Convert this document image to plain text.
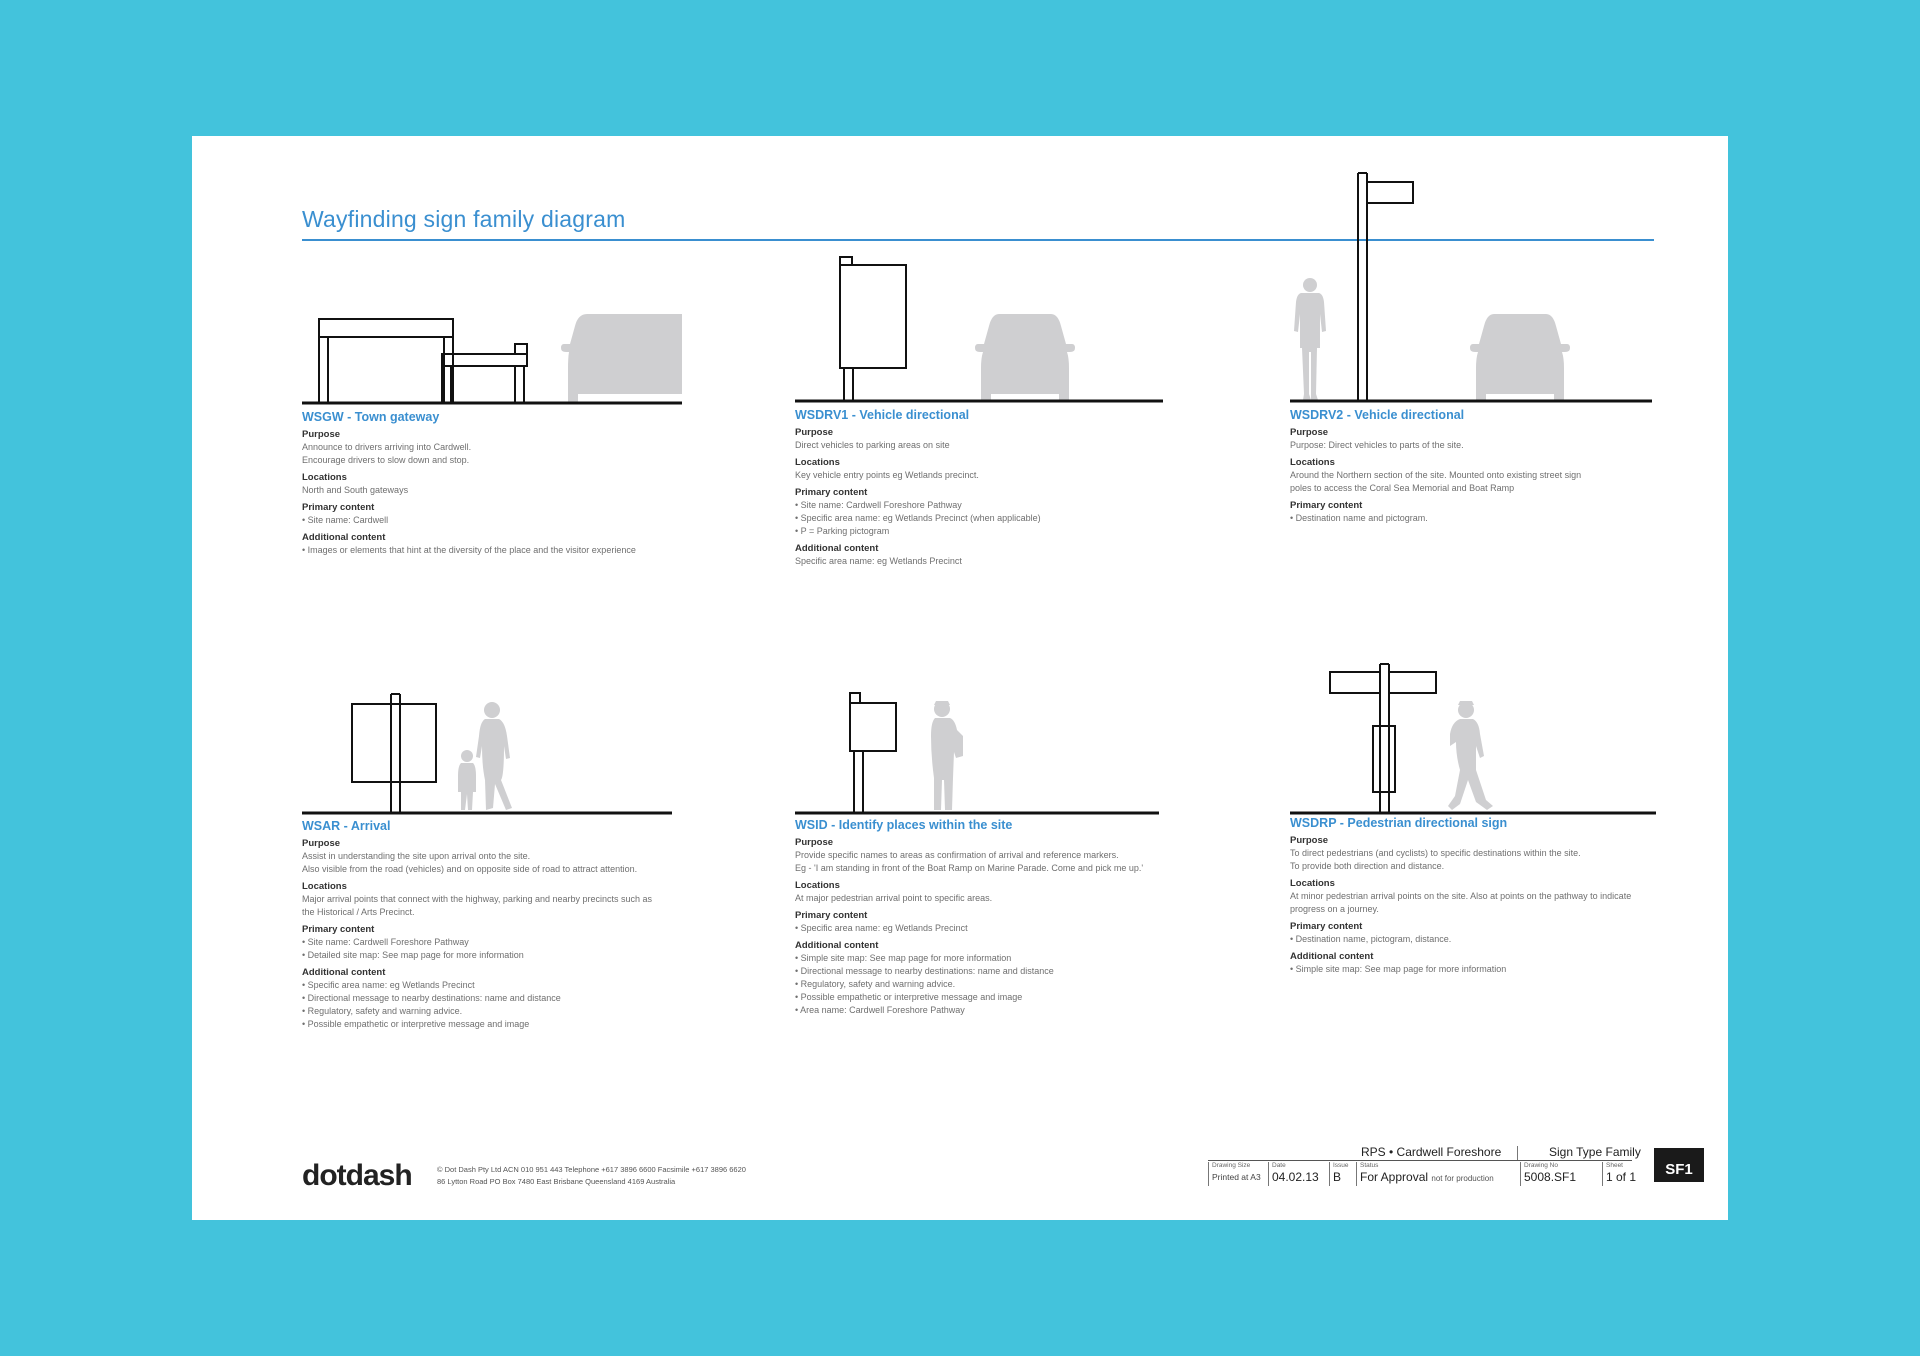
Wayfinding sign family diagram
WSGW - Town gateway
Purpose
Announce to drivers arriving into Cardwell.
Encourage drivers to slow down and stop.
Locations
North and South gateways
Primary content
• Site name: Cardwell
Additional content
• Images or elements that hint at the diversity of the place and the visitor experience
WSDRV1 - Vehicle directional
Purpose
Direct vehicles to parking areas on site
Locations
Key vehicle entry points eg Wetlands precinct.
Primary content
• Site name: Cardwell Foreshore Pathway
• Specific area name: eg Wetlands Precinct (when applicable)
• P = Parking pictogram
Additional content
Specific area name: eg Wetlands Precinct
WSDRV2 - Vehicle directional
Purpose
Purpose: Direct vehicles to parts of the site.
Locations
Around the Northern section of the site. Mounted onto existing street sign
poles to access the Coral Sea Memorial and Boat Ramp
Primary content
• Destination name and pictogram.
WSAR - Arrival
Purpose
Assist in understanding the site upon arrival onto the site.
Also visible from the road (vehicles) and on opposite side of road to attract attention.
Locations
Major arrival points that connect with the highway, parking and nearby precincts such as
the Historical / Arts Precinct.
Primary content
• Site name: Cardwell Foreshore Pathway
• Detailed site map: See map page for more information
Additional content
• Specific area name: eg Wetlands Precinct
• Directional message to nearby destinations: name and distance
• Regulatory, safety and warning advice.
• Possible empathetic or interpretive message and image
WSID - Identify places within the site
Purpose
Provide specific names to areas as confirmation of arrival and reference markers.
Eg - 'I am standing in front of the Boat Ramp on Marine Parade. Come and pick me up.'
Locations
At major pedestrian arrival point to specific areas.
Primary content
• Specific area name: eg Wetlands Precinct
Additional content
• Simple site map: See map page for more information
• Directional message to nearby destinations: name and distance
• Regulatory, safety and warning advice.
• Possible empathetic or interpretive message and image
• Area name: Cardwell Foreshore Pathway
WSDRP - Pedestrian directional sign
Purpose
To direct pedestrians (and cyclists) to specific destinations within the site.
To provide both direction and distance.
Locations
At minor pedestrian arrival points on the site. Also at points on the pathway to indicate
progress on a journey.
Primary content
• Destination name, pictogram, distance.
Additional content
• Simple site map: See map page for more information
dotdash	© Dot Dash Pty Ltd ACN 010 951 443 Telephone +617 3896 6600 Facsimile +617 3896 6620
86 Lytton Road PO Box 7480 East Brisbane Queensland 4169 Australia
RPS • Cardwell Foreshore	Sign Type Family
Drawing Size
Printed at A3
Date
04.02.13
Issue
B
Status
For Approval not for production
Drawing No
5008.SF1
Sheet
1 of 1	SF1
